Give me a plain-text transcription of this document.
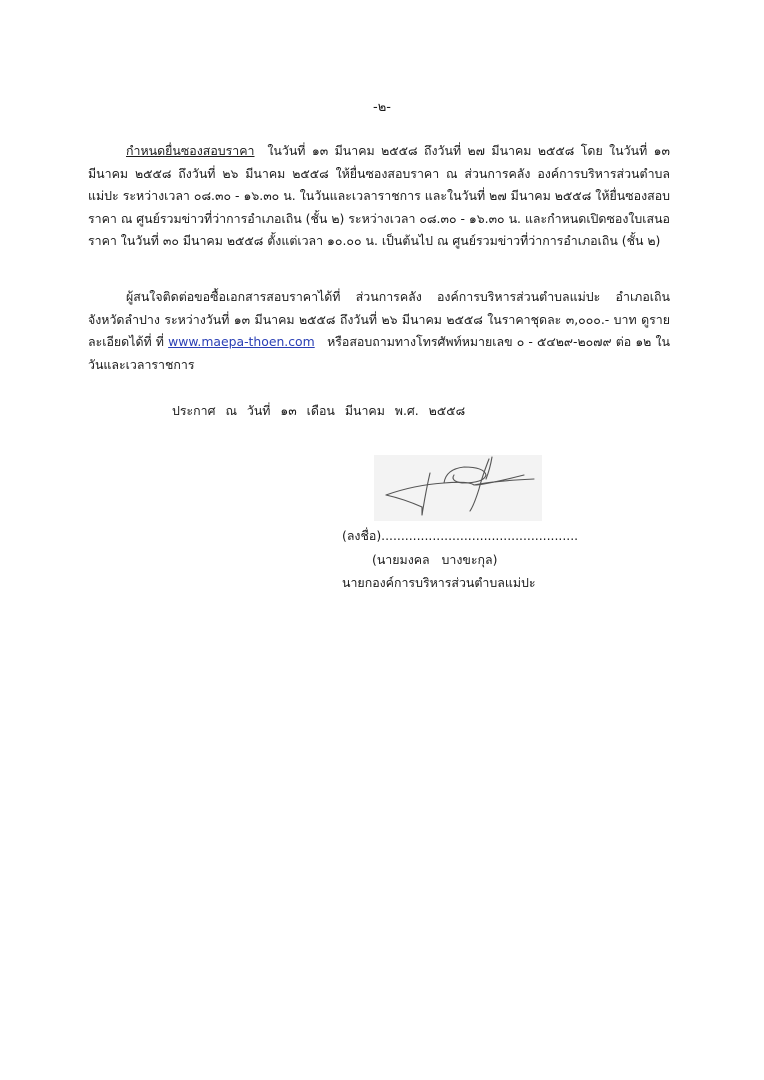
-๒-
กำหนดยื่นซองสอบราคา ในวันที่ ๑๓ มีนาคม ๒๕๕๘ ถึงวันที่ ๒๗ มีนาคม ๒๕๕๘ โดย ในวันที่ ๑๓ มีนาคม ๒๕๕๘ ถึงวันที่ ๒๖ มีนาคม ๒๕๕๘ ให้ยื่นซองสอบราคา ณ ส่วนการคลัง องค์การบริหารส่วนตำบลแม่ปะ ระหว่างเวลา ๐๘.๓๐ - ๑๖.๓๐ น. ในวันและเวลาราชการ และในวันที่ ๒๗ มีนาคม ๒๕๕๘ ให้ยื่นซองสอบราคา ณ ศูนย์รวมข่าวที่ว่าการอำเภอเถิน (ชั้น ๒) ระหว่างเวลา ๐๘.๓๐ - ๑๖.๓๐ น. และกำหนดเปิดซองใบเสนอราคา ในวันที่ ๓๐ มีนาคม ๒๕๕๘ ตั้งแต่เวลา ๑๐.๐๐ น. เป็นต้นไป ณ ศูนย์รวมข่าวที่ว่าการอำเภอเถิน (ชั้น ๒)
ผู้สนใจติดต่อขอซื้อเอกสารสอบราคาได้ที่ ส่วนการคลัง องค์การบริหารส่วนตำบลแม่ปะ อำเภอเถิน จังหวัดลำปาง ระหว่างวันที่ ๑๓ มีนาคม ๒๕๕๘ ถึงวันที่ ๒๖ มีนาคม ๒๕๕๘ ในราคาชุดละ ๓,๐๐๐.- บาท ดูรายละเอียดได้ที่ ที่ www.maepa-thoen.com หรือสอบถามทางโทรศัพท์หมายเลข ๐ - ๕๔๒๙-๒๐๗๙ ต่อ ๑๒ ในวันและเวลาราชการ
ประกาศ ณ วันที่ ๑๓ เดือน มีนาคม พ.ศ. ๒๕๕๘
(ลงชื่อ)..................................................
(นายมงคล บางขะกุล)
นายกองค์การบริหารส่วนตำบลแม่ปะ
